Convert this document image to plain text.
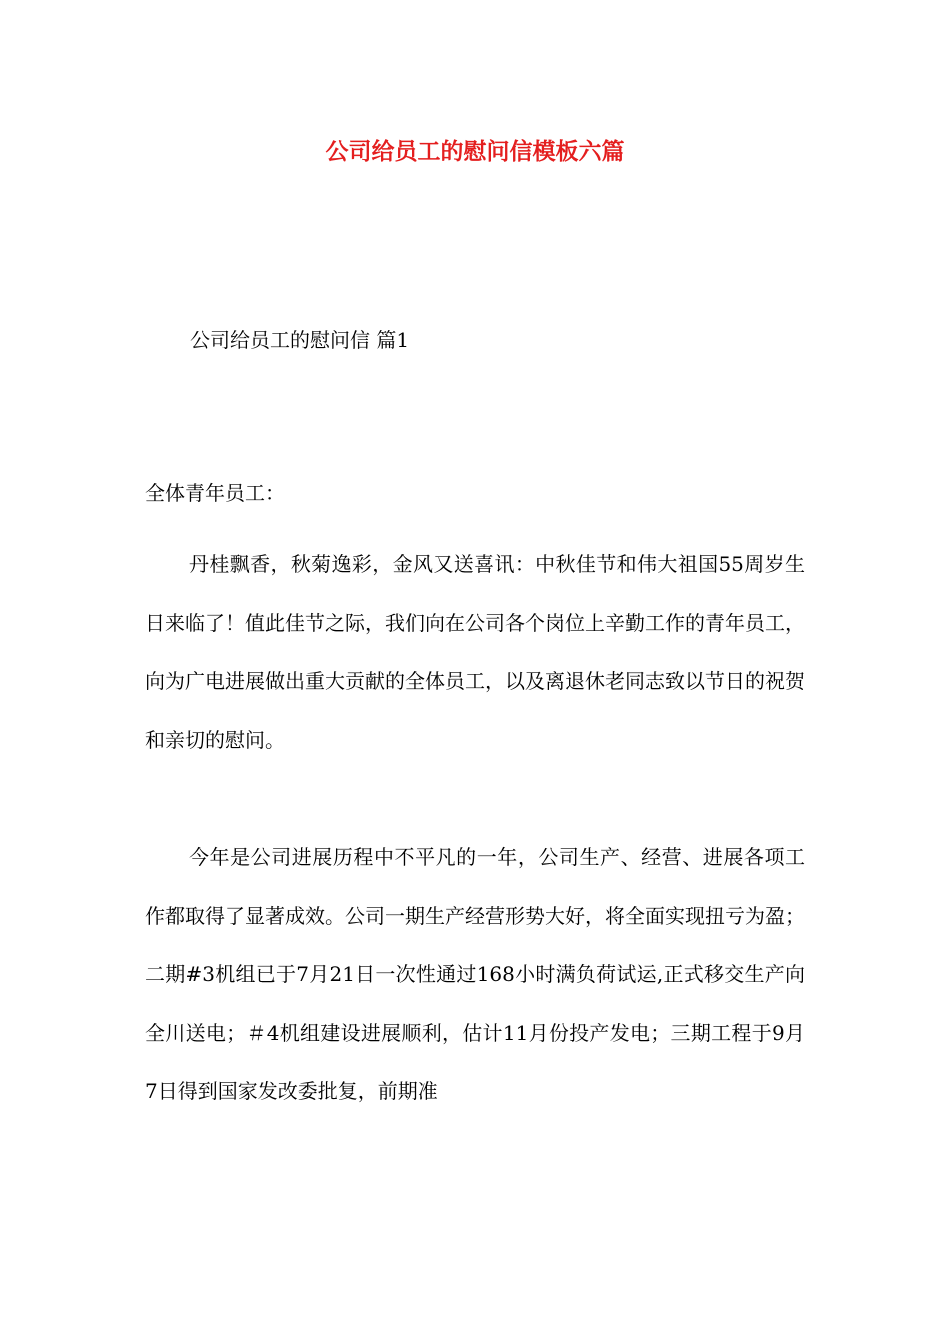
公司给员工的慰问信模板六篇

公司给员工的慰问信 篇1

全体青年员工：

丹桂飘香，秋菊逸彩，金风又送喜讯：中秋佳节和伟大祖国55周岁生日来临了！值此佳节之际，我们向在公司各个岗位上辛勤工作的青年员工，向为广电进展做出重大贡献的全体员工，以及离退休老同志致以节日的祝贺和亲切的慰问。

今年是公司进展历程中不平凡的一年，公司生产、经营、进展各项工作都取得了显著成效。公司一期生产经营形势大好，将全面实现扭亏为盈；二期#3机组已于7月21日一次性通过168小时满负荷试运,正式移交生产向全川送电；＃4机组建设进展顺利，估计11月份投产发电；三期工程于9月7日得到国家发改委批复，前期准
